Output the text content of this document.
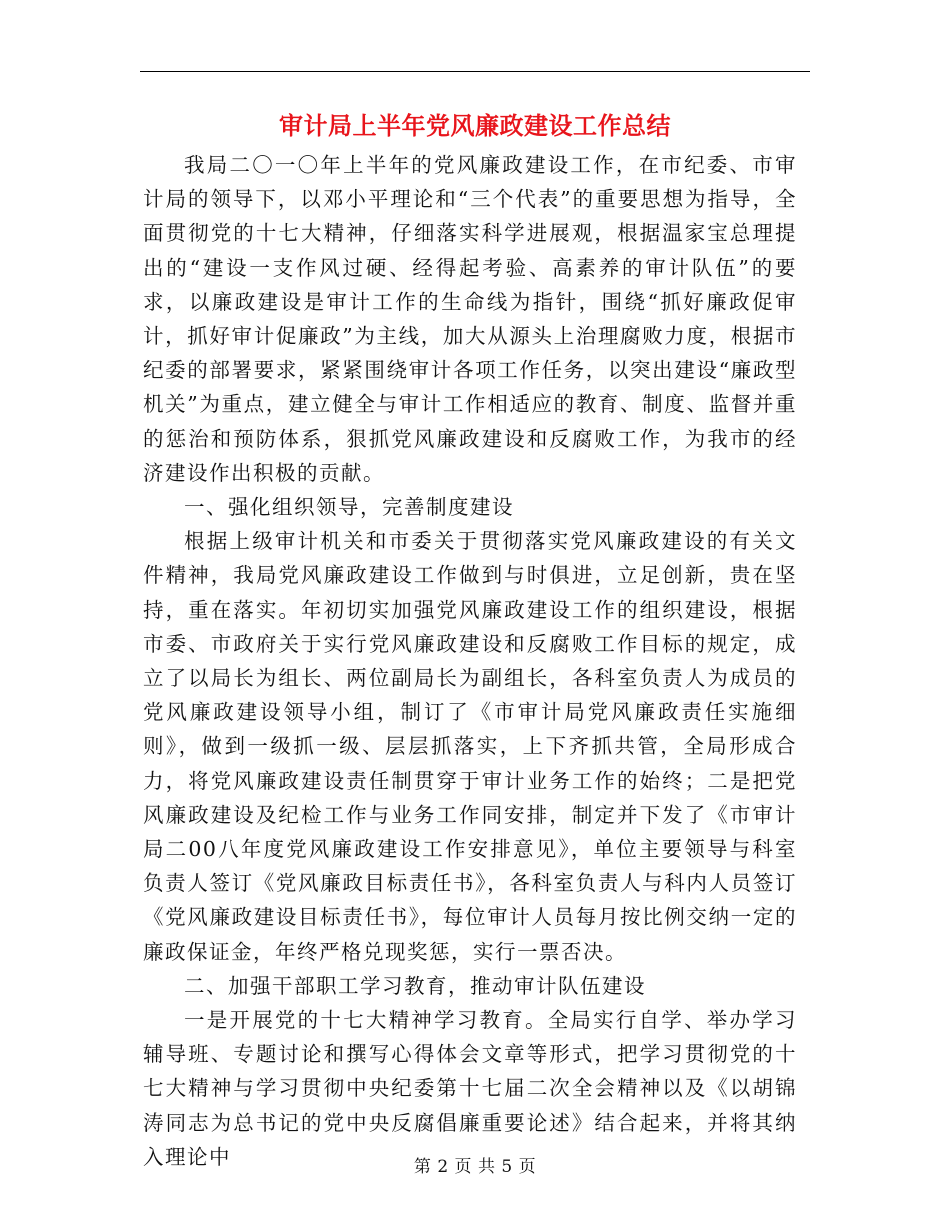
审计局上半年党风廉政建设工作总结

我局二〇一〇年上半年的党风廉政建设工作，在市纪委、市审计局的领导下，以邓小平理论和“三个代表”的重要思想为指导，全面贯彻党的十七大精神，仔细落实科学进展观，根据温家宝总理提出的“建设一支作风过硬、经得起考验、高素养的审计队伍”的要求，以廉政建设是审计工作的生命线为指针，围绕“抓好廉政促审计，抓好审计促廉政”为主线，加大从源头上治理腐败力度，根据市纪委的部署要求，紧紧围绕审计各项工作任务，以突出建设“廉政型机关”为重点，建立健全与审计工作相适应的教育、制度、监督并重的惩治和预防体系，狠抓党风廉政建设和反腐败工作，为我市的经济建设作出积极的贡献。

一、强化组织领导，完善制度建设

根据上级审计机关和市委关于贯彻落实党风廉政建设的有关文件精神，我局党风廉政建设工作做到与时俱进，立足创新，贵在坚持，重在落实。年初切实加强党风廉政建设工作的组织建设，根据市委、市政府关于实行党风廉政建设和反腐败工作目标的规定，成立了以局长为组长、两位副局长为副组长，各科室负责人为成员的党风廉政建设领导小组，制订了《市审计局党风廉政责任实施细则》，做到一级抓一级、层层抓落实，上下齐抓共管，全局形成合力，将党风廉政建设责任制贯穿于审计业务工作的始终；二是把党风廉政建设及纪检工作与业务工作同安排，制定并下发了《市审计局二00八年度党风廉政建设工作安排意见》，单位主要领导与科室负责人签订《党风廉政目标责任书》，各科室负责人与科内人员签订《党风廉政建设目标责任书》，每位审计人员每月按比例交纳一定的廉政保证金，年终严格兑现奖惩，实行一票否决。

二、加强干部职工学习教育，推动审计队伍建设

一是开展党的十七大精神学习教育。全局实行自学、举办学习辅导班、专题讨论和撰写心得体会文章等形式，把学习贯彻党的十七大精神与学习贯彻中央纪委第十七届二次全会精神以及《以胡锦涛同志为总书记的党中央反腐倡廉重要论述》结合起来，并将其纳入理论中	第 2 页 共 5 页
